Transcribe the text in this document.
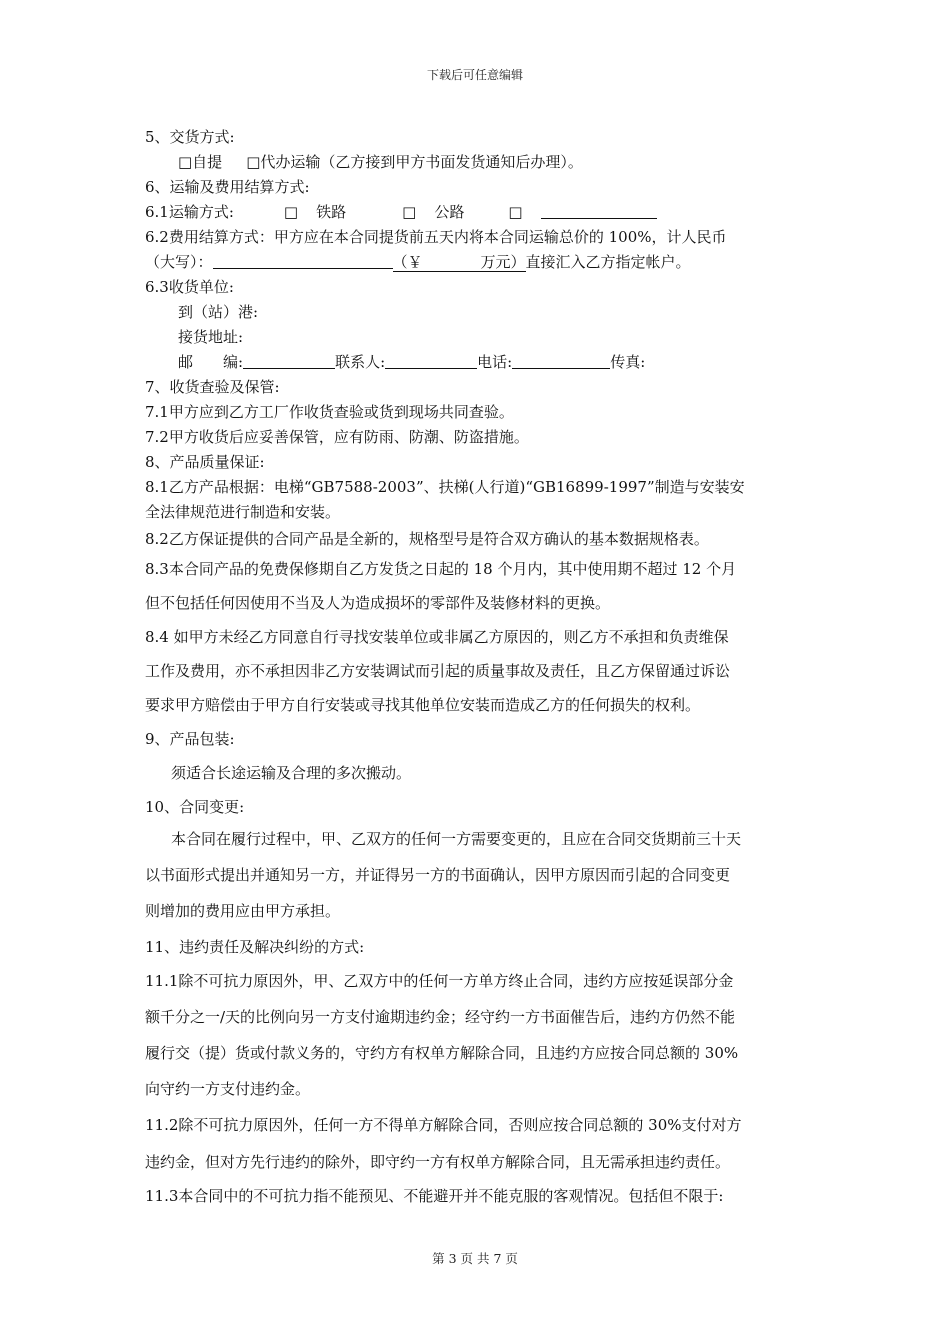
下载后可任意编辑
5、交货方式:
□自提 □代办运输（乙方接到甲方书面发货通知后办理）。
6、运输及费用结算方式:
6.1运输方式:	□ 铁路	□ 公路	□
6.2费用结算方式：甲方应在本合同提货前五天内将本合同运输总价的 100%，计人民币
（大写）：	（￥	万元）直接汇入乙方指定帐户。
6.3收货单位:
到（站）港:
接货地址:
邮　　编:	联系人:	电话:	传真:
7、收货查验及保管:
7.1甲方应到乙方工厂作收货查验或货到现场共同查验。
7.2甲方收货后应妥善保管，应有防雨、防潮、防盗措施。
8、产品质量保证:
8.1乙方产品根据：电梯“GB7588-2003”、扶梯(人行道)“GB16899-1997”制造与安装安
全法律规范进行制造和安装。
8.2乙方保证提供的合同产品是全新的，规格型号是符合双方确认的基本数据规格表。
8.3本合同产品的免费保修期自乙方发货之日起的 18 个月内，其中使用期不超过 12 个月
但不包括任何因使用不当及人为造成损坏的零部件及装修材料的更换。
8.4 如甲方未经乙方同意自行寻找安装单位或非属乙方原因的，则乙方不承担和负责维保
工作及费用，亦不承担因非乙方安装调试而引起的质量事故及责任，且乙方保留通过诉讼
要求甲方赔偿由于甲方自行安装或寻找其他单位安装而造成乙方的任何损失的权利。
9、产品包装:
须适合长途运输及合理的多次搬动。
10、合同变更:
本合同在履行过程中，甲、乙双方的任何一方需要变更的，且应在合同交货期前三十天
以书面形式提出并通知另一方，并证得另一方的书面确认，因甲方原因而引起的合同变更
则增加的费用应由甲方承担。
11、违约责任及解决纠纷的方式:
11.1除不可抗力原因外，甲、乙双方中的任何一方单方终止合同，违约方应按延误部分金
额千分之一/天的比例向另一方支付逾期违约金；经守约一方书面催告后，违约方仍然不能
履行交（提）货或付款义务的，守约方有权单方解除合同，且违约方应按合同总额的 30%
向守约一方支付违约金。
11.2除不可抗力原因外，任何一方不得单方解除合同，否则应按合同总额的 30%支付对方
违约金，但对方先行违约的除外，即守约一方有权单方解除合同，且无需承担违约责任。
11.3本合同中的不可抗力指不能预见、不能避开并不能克服的客观情况。包括但不限于:
第 3 页 共 7 页
